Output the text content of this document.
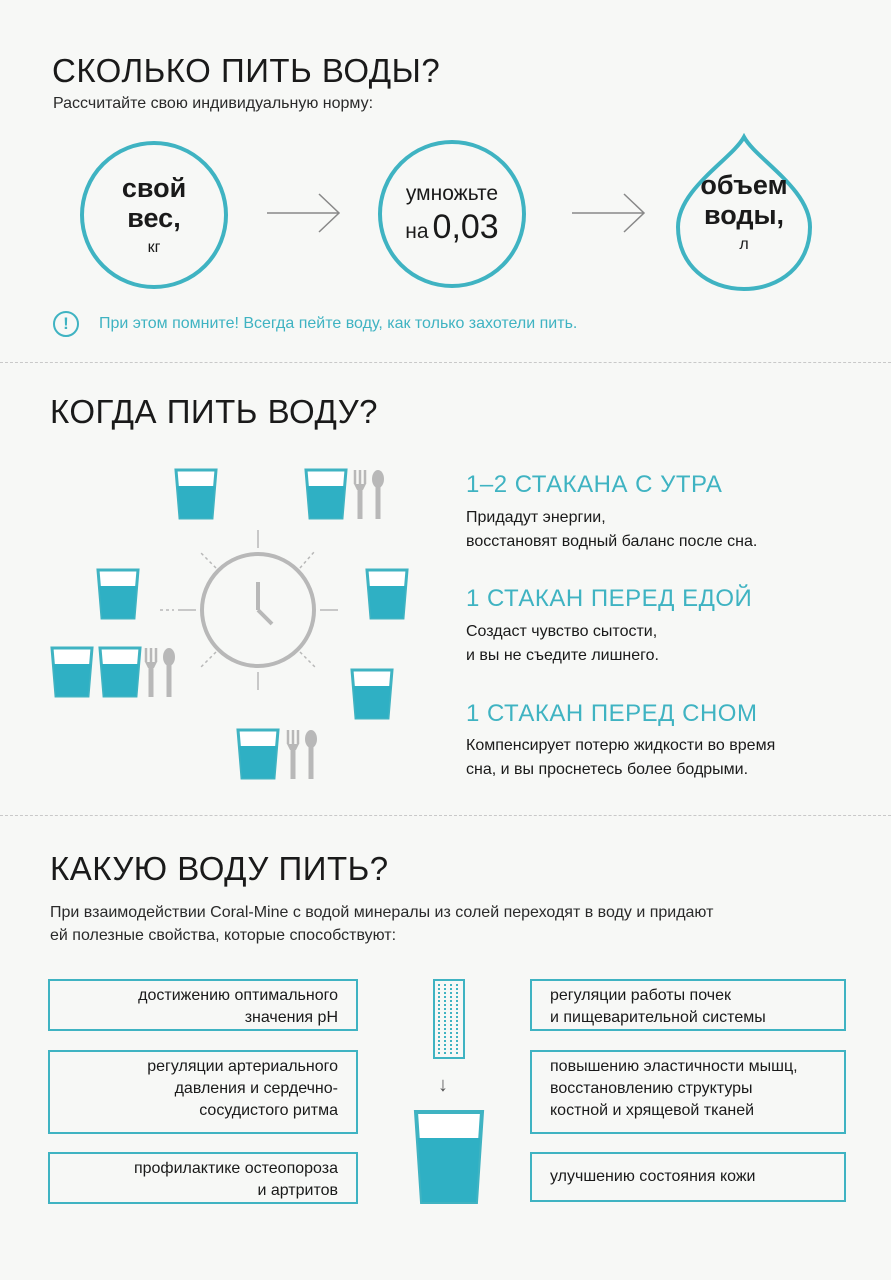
СКОЛЬКО ПИТЬ ВОДЫ?
Рассчитайте свою индивидуальную норму:
свой
вес,
кг
умножьте
на 0,03
объем
воды,
л
!	При этом помните! Всегда пейте воду, как только захотели пить.
КОГДА ПИТЬ ВОДУ?
1–2 СТАКАНА С УТРА
Придадут энергии,
восстановят водный баланс после сна.
1 СТАКАН ПЕРЕД ЕДОЙ
Создаст чувство сытости,
и вы не съедите лишнего.
1 СТАКАН ПЕРЕД СНОМ
Компенсирует потерю жидкости во время
сна, и вы проснетесь более бодрыми.
КАКУЮ ВОДУ ПИТЬ?
При взаимодействии Coral-Mine с водой минералы из солей переходят в воду и придают
ей полезные свойства, которые способствуют:
достижению оптимального
значения pH
регуляции артериального
давления и сердечно-
сосудистого ритма
профилактике остеопороза
и артритов
↓
регуляции работы почек
и пищеварительной системы
повышению эластичности мышц,
восстановлению структуры
костной и хрящевой тканей
улучшению состояния кожи
